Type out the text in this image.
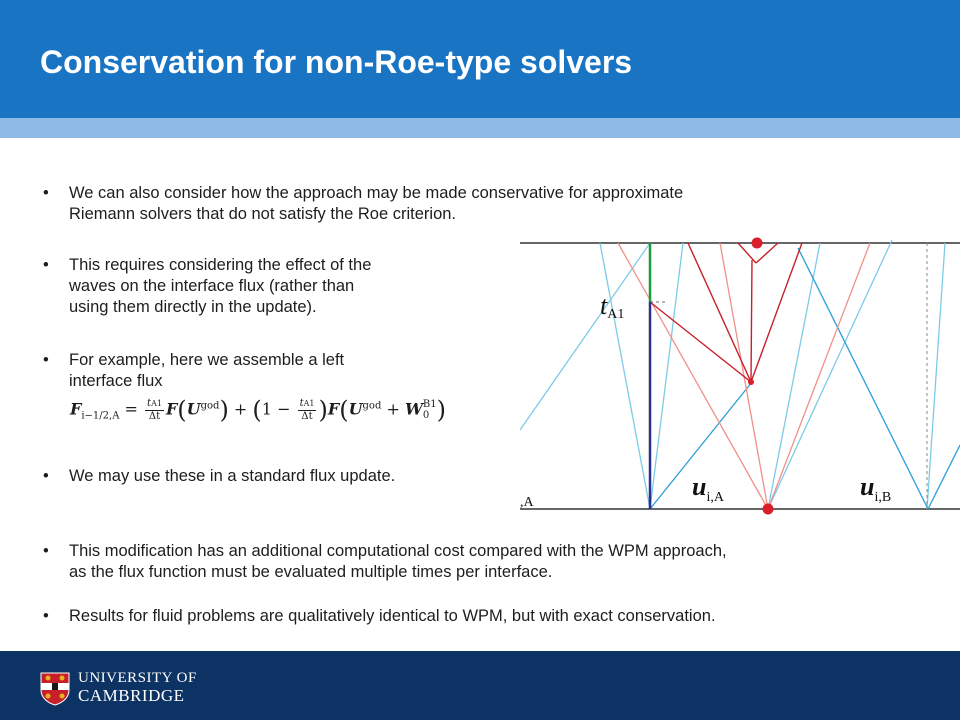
Conservation for non-Roe-type solvers
• We can also consider how the approach may be made conservative for approximate
Riemann solvers that do not satisfy the Roe criterion.
• This requires considering the effect of the
waves on the interface flux (rather than
using them directly in the update).
• For example, here we assemble a left
interface flux
$F_{i-1/2,A} = \frac{tA1}{\Delta t} F(U^{god}) + (1 - \frac{tA1}{\Delta t} )F(U^{god} + W$ B1
0 )
• We may use these in a standard flux update.
• This modification has an additional computational cost compared with the WPM approach,
as the flux function must be evaluated multiple times per interface.
• Results for fluid problems are qualitatively identical to WPM, but with exact conservation.
tA1
$u_{i,A}$	$u_{i,B}$
,A
UNIVERSITY OF
CAMBRIDGE
